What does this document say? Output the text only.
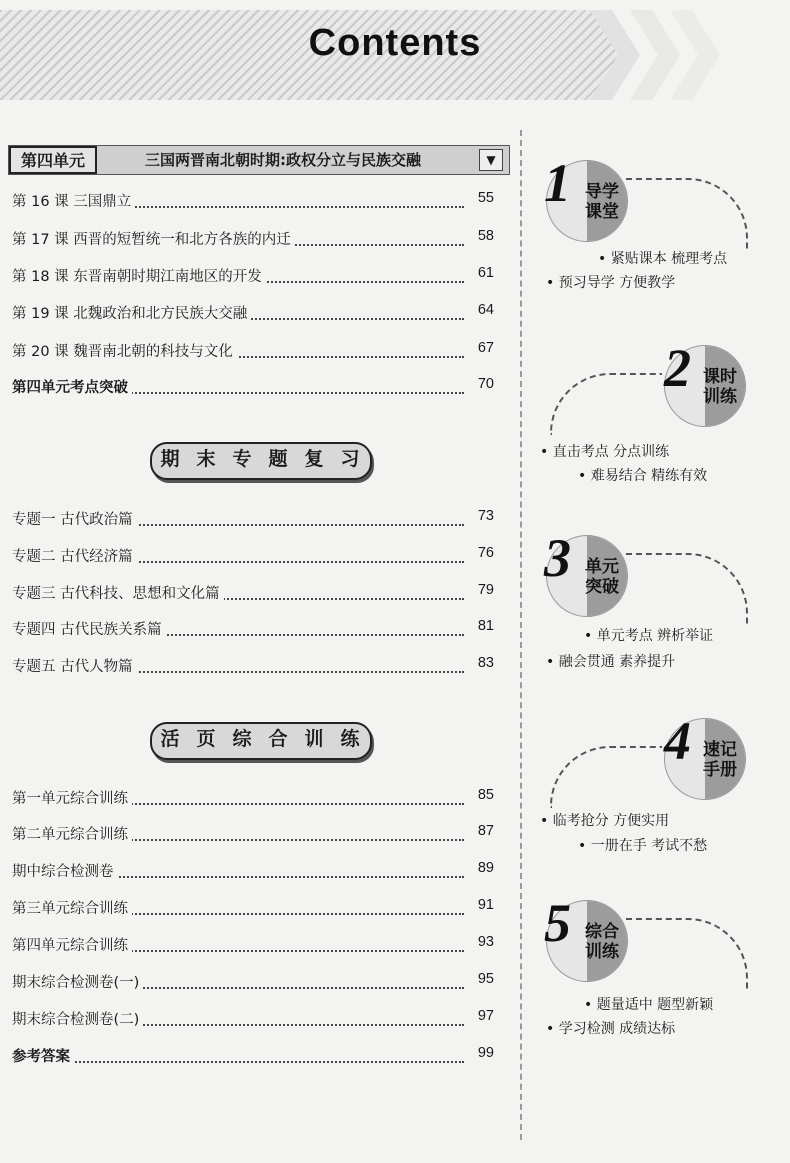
Contents
第四单元	三国两晋南北朝时期:政权分立与民族交融	▼
第 16 课 三国鼎立	55
第 17 课 西晋的短暂统一和北方各族的内迁	58
第 18 课 东晋南朝时期江南地区的开发	61
第 19 课 北魏政治和北方民族大交融	64
第 20 课 魏晋南北朝的科技与文化	67
第四单元考点突破	70
期 末 专 题 复 习
专题一 古代政治篇	73
专题二 古代经济篇	76
专题三 古代科技、思想和文化篇	79
专题四 古代民族关系篇	81
专题五 古代人物篇	83
活 页 综 合 训 练
第一单元综合训练	85
第二单元综合训练	87
期中综合检测卷	89
第三单元综合训练	91
第四单元综合训练	93
期末综合检测卷(一)	95
期末综合检测卷(二)	97
参考答案	99
1 导学课堂
• 紧贴课本 梳理考点
• 预习导学 方便教学
2 课时训练
• 直击考点 分点训练
• 难易结合 精练有效
3 单元突破
• 单元考点 辨析举证
• 融会贯通 素养提升
4 速记手册
• 临考抢分 方便实用
• 一册在手 考试不愁
5 综合训练
• 题量适中 题型新颖
• 学习检测 成绩达标
